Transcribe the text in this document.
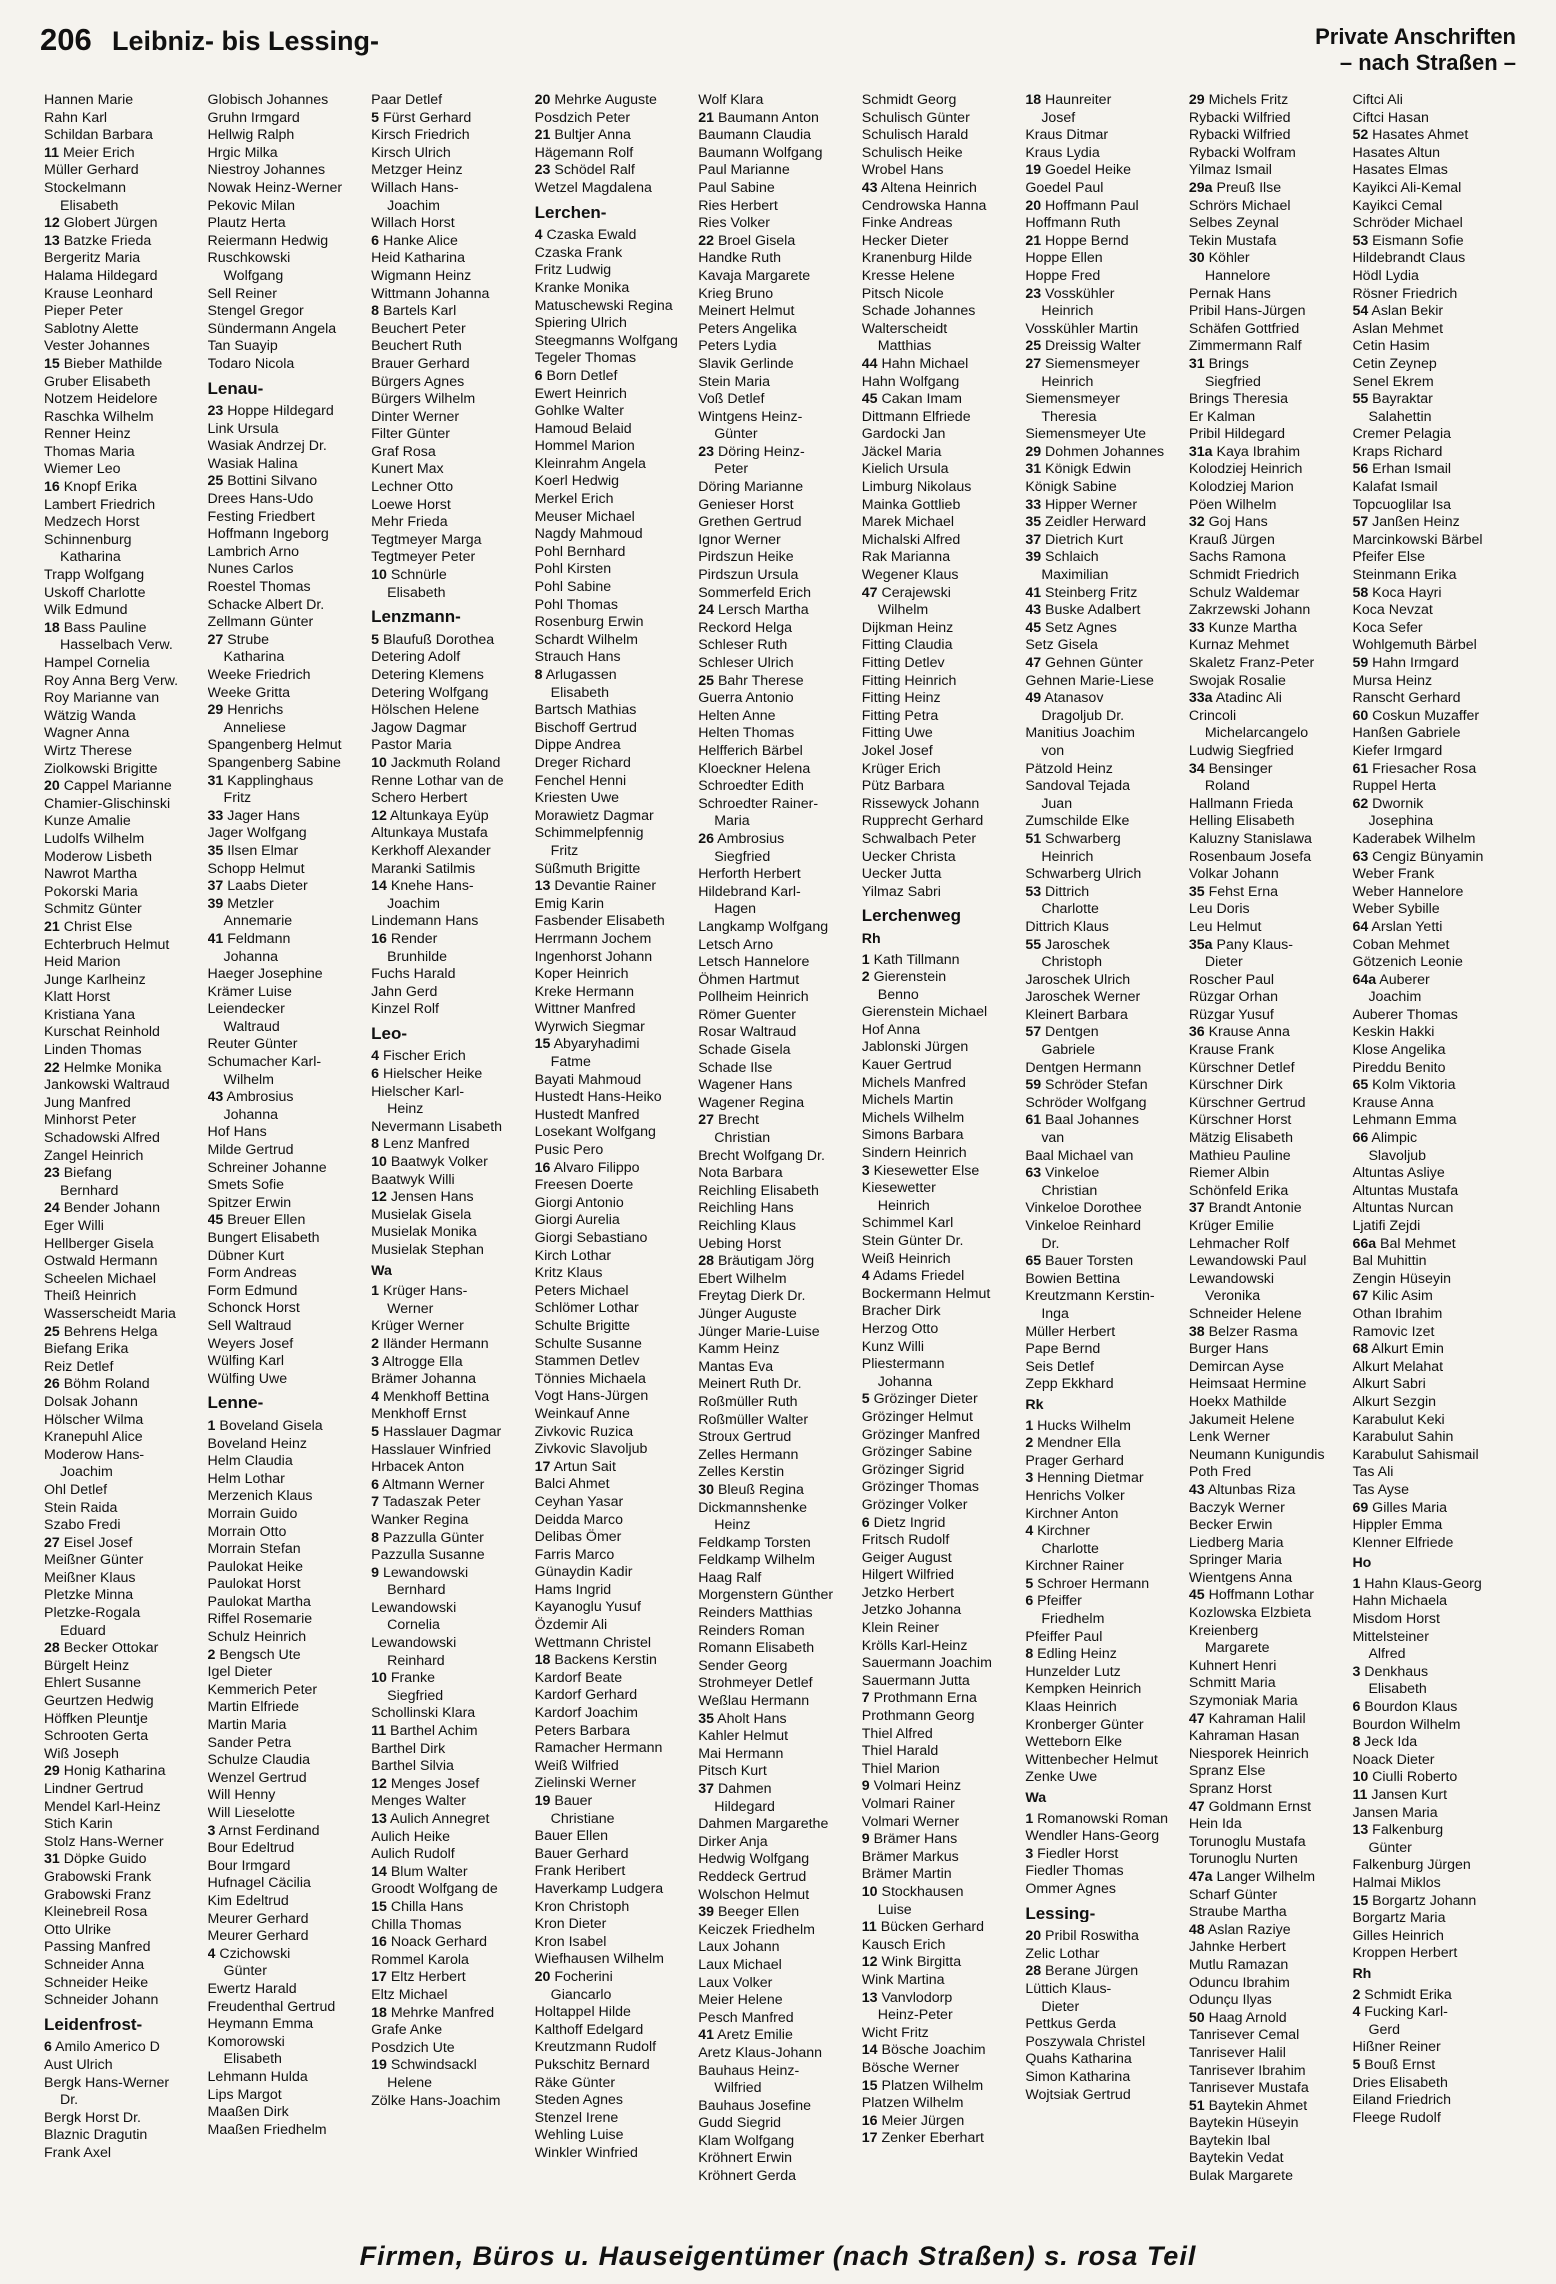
206 Leibniz- bis Lessing-	Private Anschriften
– nach Straßen –
Hannen Marie
Rahn Karl
Schildan Barbara
11 Meier Erich
Müller Gerhard
Stockelmann
Elisabeth
12 Globert Jürgen
13 Batzke Frieda
Bergeritz Maria
Halama Hildegard
Krause Leonhard
Pieper Peter
Sablotny Alette
Vester Johannes
15 Bieber Mathilde
Gruber Elisabeth
Notzem Heidelore
Raschka Wilhelm
Renner Heinz
Thomas Maria
Wiemer Leo
16 Knopf Erika
Lambert Friedrich
Medzech Horst
Schinnenburg
Katharina
Trapp Wolfgang
Uskoff Charlotte
Wilk Edmund
18 Bass Pauline
Hasselbach Verw.
Hampel Cornelia
Roy Anna Berg Verw.
Roy Marianne van
Wätzig Wanda
Wagner Anna
Wirtz Therese
Ziolkowski Brigitte
20 Cappel Marianne
Chamier-Glischinski
Kunze Amalie
Ludolfs Wilhelm
Moderow Lisbeth
Nawrot Martha
Pokorski Maria
Schmitz Günter
21 Christ Else
Echterbruch Helmut
Heid Marion
Junge Karlheinz
Klatt Horst
Kristiana Yana
Kurschat Reinhold
Linden Thomas
22 Helmke Monika
Jankowski Waltraud
Jung Manfred
Minhorst Peter
Schadowski Alfred
Zangel Heinrich
23 Biefang
Bernhard
24 Bender Johann
Eger Willi
Hellberger Gisela
Ostwald Hermann
Scheelen Michael
Theiß Heinrich
Wasserscheidt Maria
25 Behrens Helga
Biefang Erika
Reiz Detlef
26 Böhm Roland
Dolsak Johann
Hölscher Wilma
Kranepuhl Alice
Moderow Hans-
Joachim
Ohl Detlef
Stein Raida
Szabo Fredi
27 Eisel Josef
Meißner Günter
Meißner Klaus
Pletzke Minna
Pletzke-Rogala
Eduard
28 Becker Ottokar
Bürgelt Heinz
Ehlert Susanne
Geurtzen Hedwig
Höffken Pleuntje
Schrooten Gerta
Wiß Joseph
29 Honig Katharina
Lindner Gertrud
Mendel Karl-Heinz
Stich Karin
Stolz Hans-Werner
31 Döpke Guido
Grabowski Frank
Grabowski Franz
Kleinebreil Rosa
Otto Ulrike
Passing Manfred
Schneider Anna
Schneider Heike
Schneider Johann
Leidenfrost-
6 Amilo Americo D
Aust Ulrich
Bergk Hans-Werner
Dr.
Bergk Horst Dr.
Blaznic Dragutin
Frank Axel
Globisch Johannes
Gruhn Irmgard
Hellwig Ralph
Hrgic Milka
Niestroy Johannes
Nowak Heinz-Werner
Pekovic Milan
Plautz Herta
Reiermann Hedwig
Ruschkowski
Wolfgang
Sell Reiner
Stengel Gregor
Sündermann Angela
Tan Suayip
Todaro Nicola
Lenau-
23 Hoppe Hildegard
Link Ursula
Wasiak Andrzej Dr.
Wasiak Halina
25 Bottini Silvano
Drees Hans-Udo
Festing Friedbert
Hoffmann Ingeborg
Lambrich Arno
Nunes Carlos
Roestel Thomas
Schacke Albert Dr.
Zellmann Günter
27 Strube
Katharina
Weeke Friedrich
Weeke Gritta
29 Henrichs
Anneliese
Spangenberg Helmut
Spangenberg Sabine
31 Kapplinghaus
Fritz
33 Jager Hans
Jager Wolfgang
35 Ilsen Elmar
Schopp Helmut
37 Laabs Dieter
39 Metzler
Annemarie
41 Feldmann
Johanna
Haeger Josephine
Krämer Luise
Leiendecker
Waltraud
Reuter Günter
Schumacher Karl-
Wilhelm
43 Ambrosius
Johanna
Hof Hans
Milde Gertrud
Schreiner Johanne
Smets Sofie
Spitzer Erwin
45 Breuer Ellen
Bungert Elisabeth
Dübner Kurt
Form Andreas
Form Edmund
Schonck Horst
Sell Waltraud
Weyers Josef
Wülfing Karl
Wülfing Uwe
Lenne-
1 Boveland Gisela
Boveland Heinz
Helm Claudia
Helm Lothar
Merzenich Klaus
Morrain Guido
Morrain Otto
Morrain Stefan
Paulokat Heike
Paulokat Horst
Paulokat Martha
Riffel Rosemarie
Schulz Heinrich
2 Bengsch Ute
Igel Dieter
Kemmerich Peter
Martin Elfriede
Martin Maria
Sander Petra
Schulze Claudia
Wenzel Gertrud
Will Henny
Will Lieselotte
3 Arnst Ferdinand
Bour Edeltrud
Bour Irmgard
Hufnagel Cäcilia
Kim Edeltrud
Meurer Gerhard
Meurer Gerhard
4 Czichowski
Günter
Ewertz Harald
Freudenthal Gertrud
Heymann Emma
Komorowski
Elisabeth
Lehmann Hulda
Lips Margot
Maaßen Dirk
Maaßen Friedhelm
Paar Detlef
5 Fürst Gerhard
Kirsch Friedrich
Kirsch Ulrich
Metzger Heinz
Willach Hans-
Joachim
Willach Horst
6 Hanke Alice
Heid Katharina
Wigmann Heinz
Wittmann Johanna
8 Bartels Karl
Beuchert Peter
Beuchert Ruth
Brauer Gerhard
Bürgers Agnes
Bürgers Wilhelm
Dinter Werner
Filter Günter
Graf Rosa
Kunert Max
Lechner Otto
Loewe Horst
Mehr Frieda
Tegtmeyer Marga
Tegtmeyer Peter
10 Schnürle
Elisabeth
Lenzmann-
5 Blaufuß Dorothea
Detering Adolf
Detering Klemens
Detering Wolfgang
Hölschen Helene
Jagow Dagmar
Pastor Maria
10 Jackmuth Roland
Renne Lothar van de
Schero Herbert
12 Altunkaya Eyüp
Altunkaya Mustafa
Kerkhoff Alexander
Maranki Satilmis
14 Knehe Hans-
Joachim
Lindemann Hans
16 Render
Brunhilde
Fuchs Harald
Jahn Gerd
Kinzel Rolf
Leo-
4 Fischer Erich
6 Hielscher Heike
Hielscher Karl-
Heinz
Nevermann Lisabeth
8 Lenz Manfred
10 Baatwyk Volker
Baatwyk Willi
12 Jensen Hans
Musielak Gisela
Musielak Monika
Musielak Stephan
Wa
1 Krüger Hans-
Werner
Krüger Werner
2 Iländer Hermann
3 Altrogge Ella
Brämer Johanna
4 Menkhoff Bettina
Menkhoff Ernst
5 Hasslauer Dagmar
Hasslauer Winfried
Hrbacek Anton
6 Altmann Werner
7 Tadaszak Peter
Wanker Regina
8 Pazzulla Günter
Pazzulla Susanne
9 Lewandowski
Bernhard
Lewandowski
Cornelia
Lewandowski
Reinhard
10 Franke
Siegfried
Schollinski Klara
11 Barthel Achim
Barthel Dirk
Barthel Silvia
12 Menges Josef
Menges Walter
13 Aulich Annegret
Aulich Heike
Aulich Rudolf
14 Blum Walter
Groodt Wolfgang de
15 Chilla Hans
Chilla Thomas
16 Noack Gerhard
Rommel Karola
17 Eltz Herbert
Eltz Michael
18 Mehrke Manfred
Grafe Anke
Posdzich Ute
19 Schwindsackl
Helene
Zölke Hans-Joachim
20 Mehrke Auguste
Posdzich Peter
21 Bultjer Anna
Hägemann Rolf
23 Schödel Ralf
Wetzel Magdalena
Lerchen-
4 Czaska Ewald
Czaska Frank
Fritz Ludwig
Kranke Monika
Matuschewski Regina
Spiering Ulrich
Steegmanns Wolfgang
Tegeler Thomas
6 Born Detlef
Ewert Heinrich
Gohlke Walter
Hamoud Belaid
Hommel Marion
Kleinrahm Angela
Koerl Hedwig
Merkel Erich
Meuser Michael
Nagdy Mahmoud
Pohl Bernhard
Pohl Kirsten
Pohl Sabine
Pohl Thomas
Rosenburg Erwin
Schardt Wilhelm
Strauch Hans
8 Arlugassen
Elisabeth
Bartsch Mathias
Bischoff Gertrud
Dippe Andrea
Dreger Richard
Fenchel Henni
Kriesten Uwe
Morawietz Dagmar
Schimmelpfennig
Fritz
Süßmuth Brigitte
13 Devantie Rainer
Emig Karin
Fasbender Elisabeth
Herrmann Jochem
Ingenhorst Johann
Koper Heinrich
Kreke Hermann
Wittner Manfred
Wyrwich Siegmar
15 Abyaryhadimi
Fatme
Bayati Mahmoud
Hustedt Hans-Heiko
Hustedt Manfred
Losekant Wolfgang
Pusic Pero
16 Alvaro Filippo
Freesen Doerte
Giorgi Antonio
Giorgi Aurelia
Giorgi Sebastiano
Kirch Lothar
Kritz Klaus
Peters Michael
Schlömer Lothar
Schulte Brigitte
Schulte Susanne
Stammen Detlev
Tönnies Michaela
Vogt Hans-Jürgen
Weinkauf Anne
Zivkovic Ruzica
Zivkovic Slavoljub
17 Artun Sait
Balci Ahmet
Ceyhan Yasar
Deidda Marco
Delibas Ömer
Farris Marco
Günaydin Kadir
Hams Ingrid
Kayanoglu Yusuf
Özdemir Ali
Wettmann Christel
18 Backens Kerstin
Kardorf Beate
Kardorf Gerhard
Kardorf Joachim
Peters Barbara
Ramacher Hermann
Weiß Wilfried
Zielinski Werner
19 Bauer
Christiane
Bauer Ellen
Bauer Gerhard
Frank Heribert
Haverkamp Ludgera
Kron Christoph
Kron Dieter
Kron Isabel
Wiefhausen Wilhelm
20 Focherini
Giancarlo
Holtappel Hilde
Kalthoff Edelgard
Kreutzmann Rudolf
Pukschitz Bernard
Räke Günter
Steden Agnes
Stenzel Irene
Wehling Luise
Winkler Winfried
Wolf Klara
21 Baumann Anton
Baumann Claudia
Baumann Wolfgang
Paul Marianne
Paul Sabine
Ries Herbert
Ries Volker
22 Broel Gisela
Handke Ruth
Kavaja Margarete
Krieg Bruno
Meinert Helmut
Peters Angelika
Peters Lydia
Slavik Gerlinde
Stein Maria
Voß Detlef
Wintgens Heinz-
Günter
23 Döring Heinz-
Peter
Döring Marianne
Genieser Horst
Grethen Gertrud
Ignor Werner
Pirdszun Heike
Pirdszun Ursula
Sommerfeld Erich
24 Lersch Martha
Reckord Helga
Schleser Ruth
Schleser Ulrich
25 Bahr Therese
Guerra Antonio
Helten Anne
Helten Thomas
Helfferich Bärbel
Kloeckner Helena
Schroedter Edith
Schroedter Rainer-
Maria
26 Ambrosius
Siegfried
Herforth Herbert
Hildebrand Karl-
Hagen
Langkamp Wolfgang
Letsch Arno
Letsch Hannelore
Öhmen Hartmut
Pollheim Heinrich
Römer Guenter
Rosar Waltraud
Schade Gisela
Schade Ilse
Wagener Hans
Wagener Regina
27 Brecht
Christian
Brecht Wolfgang Dr.
Nota Barbara
Reichling Elisabeth
Reichling Hans
Reichling Klaus
Uebing Horst
28 Bräutigam Jörg
Ebert Wilhelm
Freytag Dierk Dr.
Jünger Auguste
Jünger Marie-Luise
Kamm Heinz
Mantas Eva
Meinert Ruth Dr.
Roßmüller Ruth
Roßmüller Walter
Stroux Gertrud
Zelles Hermann
Zelles Kerstin
30 Bleuß Regina
Dickmannshenke
Heinz
Feldkamp Torsten
Feldkamp Wilhelm
Haag Ralf
Morgenstern Günther
Reinders Matthias
Reinders Roman
Romann Elisabeth
Sender Georg
Strohmeyer Detlef
Weßlau Hermann
35 Aholt Hans
Kahler Helmut
Mai Hermann
Pitsch Kurt
37 Dahmen
Hildegard
Dahmen Margarethe
Dirker Anja
Hedwig Wolfgang
Reddeck Gertrud
Wolschon Helmut
39 Beeger Ellen
Keiczek Friedhelm
Laux Johann
Laux Michael
Laux Volker
Meier Helene
Pesch Manfred
41 Aretz Emilie
Aretz Klaus-Johann
Bauhaus Heinz-
Wilfried
Bauhaus Josefine
Gudd Siegrid
Klam Wolfgang
Kröhnert Erwin
Kröhnert Gerda
Schmidt Georg
Schulisch Günter
Schulisch Harald
Schulisch Heike
Wrobel Hans
43 Altena Heinrich
Cendrowska Hanna
Finke Andreas
Hecker Dieter
Kranenburg Hilde
Kresse Helene
Pitsch Nicole
Schade Johannes
Walterscheidt
Matthias
44 Hahn Michael
Hahn Wolfgang
45 Cakan Imam
Dittmann Elfriede
Gardocki Jan
Jäckel Maria
Kielich Ursula
Limburg Nikolaus
Mainka Gottlieb
Marek Michael
Michalski Alfred
Rak Marianna
Wegener Klaus
47 Cerajewski
Wilhelm
Dijkman Heinz
Fitting Claudia
Fitting Detlev
Fitting Heinrich
Fitting Heinz
Fitting Petra
Fitting Uwe
Jokel Josef
Krüger Erich
Pütz Barbara
Rissewyck Johann
Rupprecht Gerhard
Schwalbach Peter
Uecker Christa
Uecker Jutta
Yilmaz Sabri
Lerchenweg
Rh
1 Kath Tillmann
2 Gierenstein
Benno
Gierenstein Michael
Hof Anna
Jablonski Jürgen
Kauer Gertrud
Michels Manfred
Michels Martin
Michels Wilhelm
Simons Barbara
Sindern Heinrich
3 Kiesewetter Else
Kiesewetter
Heinrich
Schimmel Karl
Stein Günter Dr.
Weiß Heinrich
4 Adams Friedel
Bockermann Helmut
Bracher Dirk
Herzog Otto
Kunz Willi
Pliestermann
Johanna
5 Grözinger Dieter
Grözinger Helmut
Grözinger Manfred
Grözinger Sabine
Grözinger Sigrid
Grözinger Thomas
Grözinger Volker
6 Dietz Ingrid
Fritsch Rudolf
Geiger August
Hilgert Wilfried
Jetzko Herbert
Jetzko Johanna
Klein Reiner
Krölls Karl-Heinz
Sauermann Joachim
Sauermann Jutta
7 Prothmann Erna
Prothmann Georg
Thiel Alfred
Thiel Harald
Thiel Marion
9 Volmari Heinz
Volmari Rainer
Volmari Werner
9 Brämer Hans
Brämer Markus
Brämer Martin
10 Stockhausen
Luise
11 Bücken Gerhard
Kausch Erich
12 Wink Birgitta
Wink Martina
13 Vanvlodorp
Heinz-Peter
Wicht Fritz
14 Bösche Joachim
Bösche Werner
15 Platzen Wilhelm
Platzen Wilhelm
16 Meier Jürgen
17 Zenker Eberhart
18 Haunreiter
Josef
Kraus Ditmar
Kraus Lydia
19 Goedel Heike
Goedel Paul
20 Hoffmann Paul
Hoffmann Ruth
21 Hoppe Bernd
Hoppe Ellen
Hoppe Fred
23 Vosskühler
Heinrich
Vosskühler Martin
25 Dreissig Walter
27 Siemensmeyer
Heinrich
Siemensmeyer
Theresia
Siemensmeyer Ute
29 Dohmen Johannes
31 Königk Edwin
Königk Sabine
33 Hipper Werner
35 Zeidler Herward
37 Dietrich Kurt
39 Schlaich
Maximilian
41 Steinberg Fritz
43 Buske Adalbert
45 Setz Agnes
Setz Gisela
47 Gehnen Günter
Gehnen Marie-Liese
49 Atanasov
Dragoljub Dr.
Manitius Joachim
von
Pätzold Heinz
Sandoval Tejada
Juan
Zumschilde Elke
51 Schwarberg
Heinrich
Schwarberg Ulrich
53 Dittrich
Charlotte
Dittrich Klaus
55 Jaroschek
Christoph
Jaroschek Ulrich
Jaroschek Werner
Kleinert Barbara
57 Dentgen
Gabriele
Dentgen Hermann
59 Schröder Stefan
Schröder Wolfgang
61 Baal Johannes
van
Baal Michael van
63 Vinkeloe
Christian
Vinkeloe Dorothee
Vinkeloe Reinhard
Dr.
65 Bauer Torsten
Bowien Bettina
Kreutzmann Kerstin-
Inga
Müller Herbert
Pape Bernd
Seis Detlef
Zepp Ekkhard
Rk
1 Hucks Wilhelm
2 Mendner Ella
Prager Gerhard
3 Henning Dietmar
Henrichs Volker
Kirchner Anton
4 Kirchner
Charlotte
Kirchner Rainer
5 Schroer Hermann
6 Pfeiffer
Friedhelm
Pfeiffer Paul
8 Edling Heinz
Hunzelder Lutz
Kempken Heinrich
Klaas Heinrich
Kronberger Günter
Wetteborn Elke
Wittenbecher Helmut
Zenke Uwe
Wa
1 Romanowski Roman
Wendler Hans-Georg
3 Fiedler Horst
Fiedler Thomas
Ommer Agnes
Lessing-
20 Pribil Roswitha
Zelic Lothar
28 Berane Jürgen
Lüttich Klaus-
Dieter
Pettkus Gerda
Poszywala Christel
Quahs Katharina
Simon Katharina
Wojtsiak Gertrud
29 Michels Fritz
Rybacki Wilfried
Rybacki Wilfried
Rybacki Wolfram
Yilmaz Ismail
29a Preuß Ilse
Schrörs Michael
Selbes Zeynal
Tekin Mustafa
30 Köhler
Hannelore
Pernak Hans
Pribil Hans-Jürgen
Schäfen Gottfried
Zimmermann Ralf
31 Brings
Siegfried
Brings Theresia
Er Kalman
Pribil Hildegard
31a Kaya Ibrahim
Kolodziej Heinrich
Kolodziej Marion
Pöen Wilhelm
32 Goj Hans
Krauß Jürgen
Sachs Ramona
Schmidt Friedrich
Schulz Waldemar
Zakrzewski Johann
33 Kunze Martha
Kurnaz Mehmet
Skaletz Franz-Peter
Swojak Rosalie
33a Atadinc Ali
Crincoli
Michelarcangelo
Ludwig Siegfried
34 Bensinger
Roland
Hallmann Frieda
Helling Elisabeth
Kaluzny Stanislawa
Rosenbaum Josefa
Volkar Johann
35 Fehst Erna
Leu Doris
Leu Helmut
35a Pany Klaus-
Dieter
Roscher Paul
Rüzgar Orhan
Rüzgar Yusuf
36 Krause Anna
Krause Frank
Kürschner Detlef
Kürschner Dirk
Kürschner Gertrud
Kürschner Horst
Mätzig Elisabeth
Mathieu Pauline
Riemer Albin
Schönfeld Erika
37 Brandt Antonie
Krüger Emilie
Lehmacher Rolf
Lewandowski Paul
Lewandowski
Veronika
Schneider Helene
38 Belzer Rasma
Burger Hans
Demircan Ayse
Heimsaat Hermine
Hoekx Mathilde
Jakumeit Helene
Lenk Werner
Neumann Kunigundis
Poth Fred
43 Altunbas Riza
Baczyk Werner
Becker Erwin
Liedberg Maria
Springer Maria
Wientgens Anna
45 Hoffmann Lothar
Kozlowska Elzbieta
Kreienberg
Margarete
Kuhnert Henri
Schmitt Maria
Szymoniak Maria
47 Kahraman Halil
Kahraman Hasan
Niesporek Heinrich
Spranz Else
Spranz Horst
47 Goldmann Ernst
Hein Ida
Torunoglu Mustafa
Torunoglu Nurten
47a Langer Wilhelm
Scharf Günter
Straube Martha
48 Aslan Raziye
Jahnke Herbert
Mutlu Ramazan
Oduncu Ibrahim
Odunçu Ilyas
50 Haag Arnold
Tanrisever Cemal
Tanrisever Halil
Tanrisever Ibrahim
Tanrisever Mustafa
51 Baytekin Ahmet
Baytekin Hüseyin
Baytekin Ibal
Baytekin Vedat
Bulak Margarete
Ciftci Ali
Ciftci Hasan
52 Hasates Ahmet
Hasates Altun
Hasates Elmas
Kayikci Ali-Kemal
Kayikci Cemal
Schröder Michael
53 Eismann Sofie
Hildebrandt Claus
Hödl Lydia
Rösner Friedrich
54 Aslan Bekir
Aslan Mehmet
Cetin Hasim
Cetin Zeynep
Senel Ekrem
55 Bayraktar
Salahettin
Cremer Pelagia
Kraps Richard
56 Erhan Ismail
Kalafat Ismail
Topcuoglilar Isa
57 Janßen Heinz
Marcinkowski Bärbel
Pfeifer Else
Steinmann Erika
58 Koca Hayri
Koca Nevzat
Koca Sefer
Wohlgemuth Bärbel
59 Hahn Irmgard
Mursa Heinz
Ranscht Gerhard
60 Coskun Muzaffer
Hanßen Gabriele
Kiefer Irmgard
61 Friesacher Rosa
Ruppel Herta
62 Dwornik
Josephina
Kaderabek Wilhelm
63 Cengiz Bünyamin
Weber Frank
Weber Hannelore
Weber Sybille
64 Arslan Yetti
Coban Mehmet
Götzenich Leonie
64a Auberer
Joachim
Auberer Thomas
Keskin Hakki
Klose Angelika
Pireddu Benito
65 Kolm Viktoria
Krause Anna
Lehmann Emma
66 Alimpic
Slavoljub
Altuntas Asliye
Altuntas Mustafa
Altuntas Nurcan
Ljatifi Zejdi
66a Bal Mehmet
Bal Muhittin
Zengin Hüseyin
67 Kilic Asim
Othan Ibrahim
Ramovic Izet
68 Alkurt Emin
Alkurt Melahat
Alkurt Sabri
Alkurt Sezgin
Karabulut Keki
Karabulut Sahin
Karabulut Sahismail
Tas Ali
Tas Ayse
69 Gilles Maria
Hippler Emma
Klenner Elfriede
Ho
1 Hahn Klaus-Georg
Hahn Michaela
Misdom Horst
Mittelsteiner
Alfred
3 Denkhaus
Elisabeth
6 Bourdon Klaus
Bourdon Wilhelm
8 Jeck Ida
Noack Dieter
10 Ciulli Roberto
11 Jansen Kurt
Jansen Maria
13 Falkenburg
Günter
Falkenburg Jürgen
Halmai Miklos
15 Borgartz Johann
Borgartz Maria
Gilles Heinrich
Kroppen Herbert
Rh
2 Schmidt Erika
4 Fucking Karl-
Gerd
Hißner Reiner
5 Bouß Ernst
Dries Elisabeth
Eiland Friedrich
Fleege Rudolf
Firmen, Büros u. Hauseigentümer (nach Straßen) s. rosa Teil
